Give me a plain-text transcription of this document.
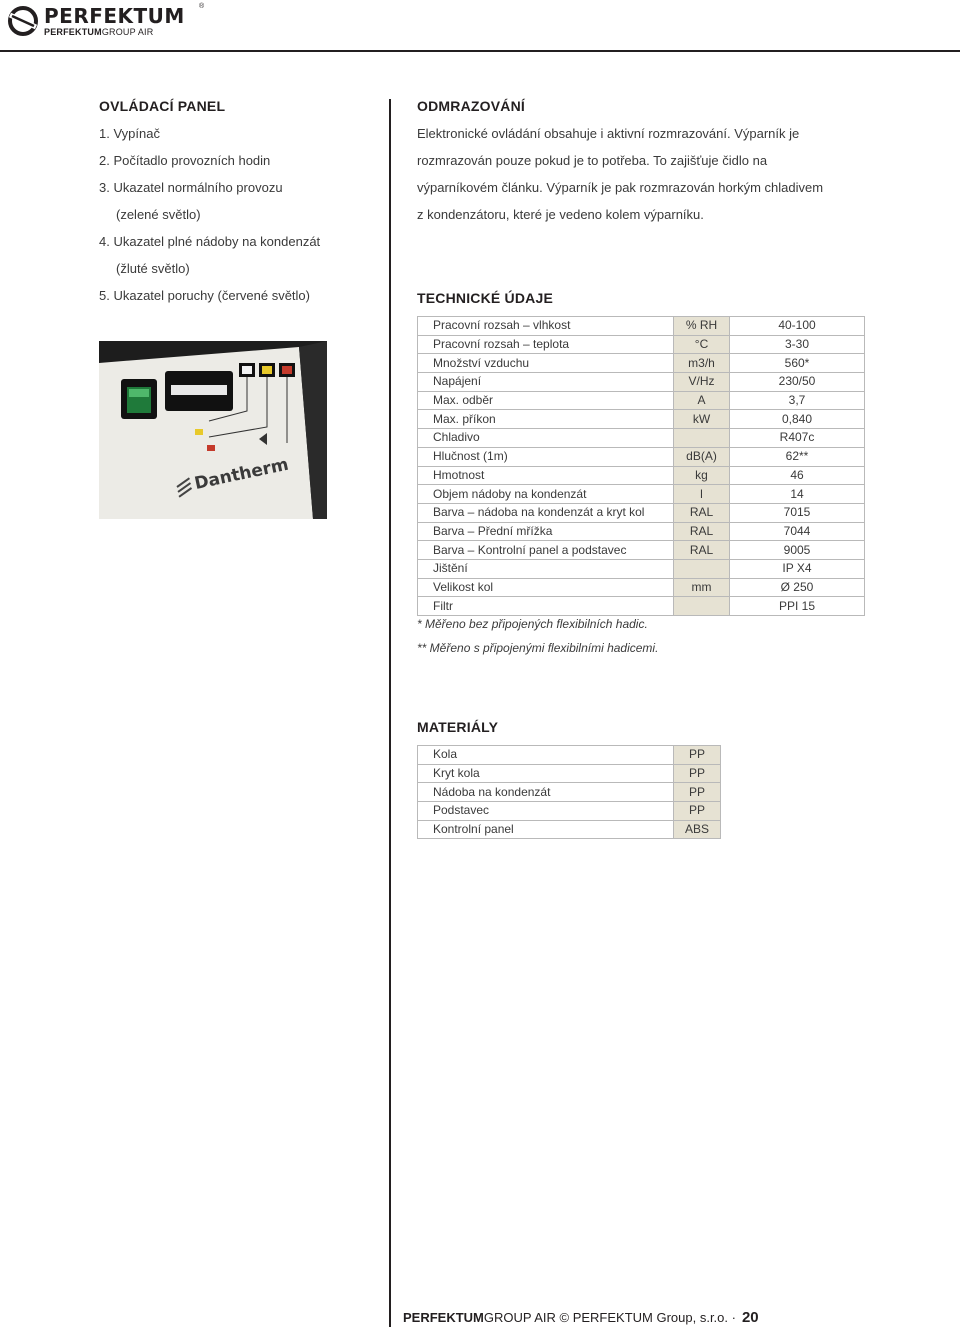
PERFEKTUM ®
PERFEKTUMGROUP AIR
OVLÁDACÍ PANEL
1. Vypínač
2. Počítadlo provozních hodin
3. Ukazatel normálního provozu
(zelené světlo)
4. Ukazatel plné nádoby na kondenzát
(žluté světlo)
5. Ukazatel poruchy (červené světlo)
Dantherm
ODMRAZOVÁNÍ
Elektronické ovládání obsahuje i aktivní rozmrazování. Výparník je
rozmrazován pouze pokud je to potřeba. To zajišťuje čidlo na
výparníkovém článku. Výparník je pak rozmrazován horkým chladivem
z kondenzátoru, které je vedeno kolem výparníku.
TECHNICKÉ ÚDAJE
Pracovní rozsah – vlhkost	% RH	40-100
Pracovní rozsah – teplota	°C	3-30
Množství vzduchu	m3/h	560*
Napájení	V/Hz	230/50
Max. odběr	A	3,7
Max. příkon	kW	0,840
Chladivo		R407c
Hlučnost (1m)	dB(A)	62**
Hmotnost	kg	46
Objem nádoby na kondenzát	l	14
Barva – nádoba na kondenzát a kryt kol	RAL	7015
Barva – Přední mřížka	RAL	7044
Barva – Kontrolní panel a podstavec	RAL	9005
Jištění		IP X4
Velikost kol	mm	Ø 250
Filtr		PPI 15
* Měřeno bez připojených flexibilních hadic.
** Měřeno s připojenými flexibilními hadicemi.
MATERIÁLY
Kola	PP
Kryt kola	PP
Nádoba na kondenzát	PP
Podstavec	PP
Kontrolní panel	ABS
PERFEKTUMGROUP AIR © PERFEKTUM Group, s.r.o. · 20
